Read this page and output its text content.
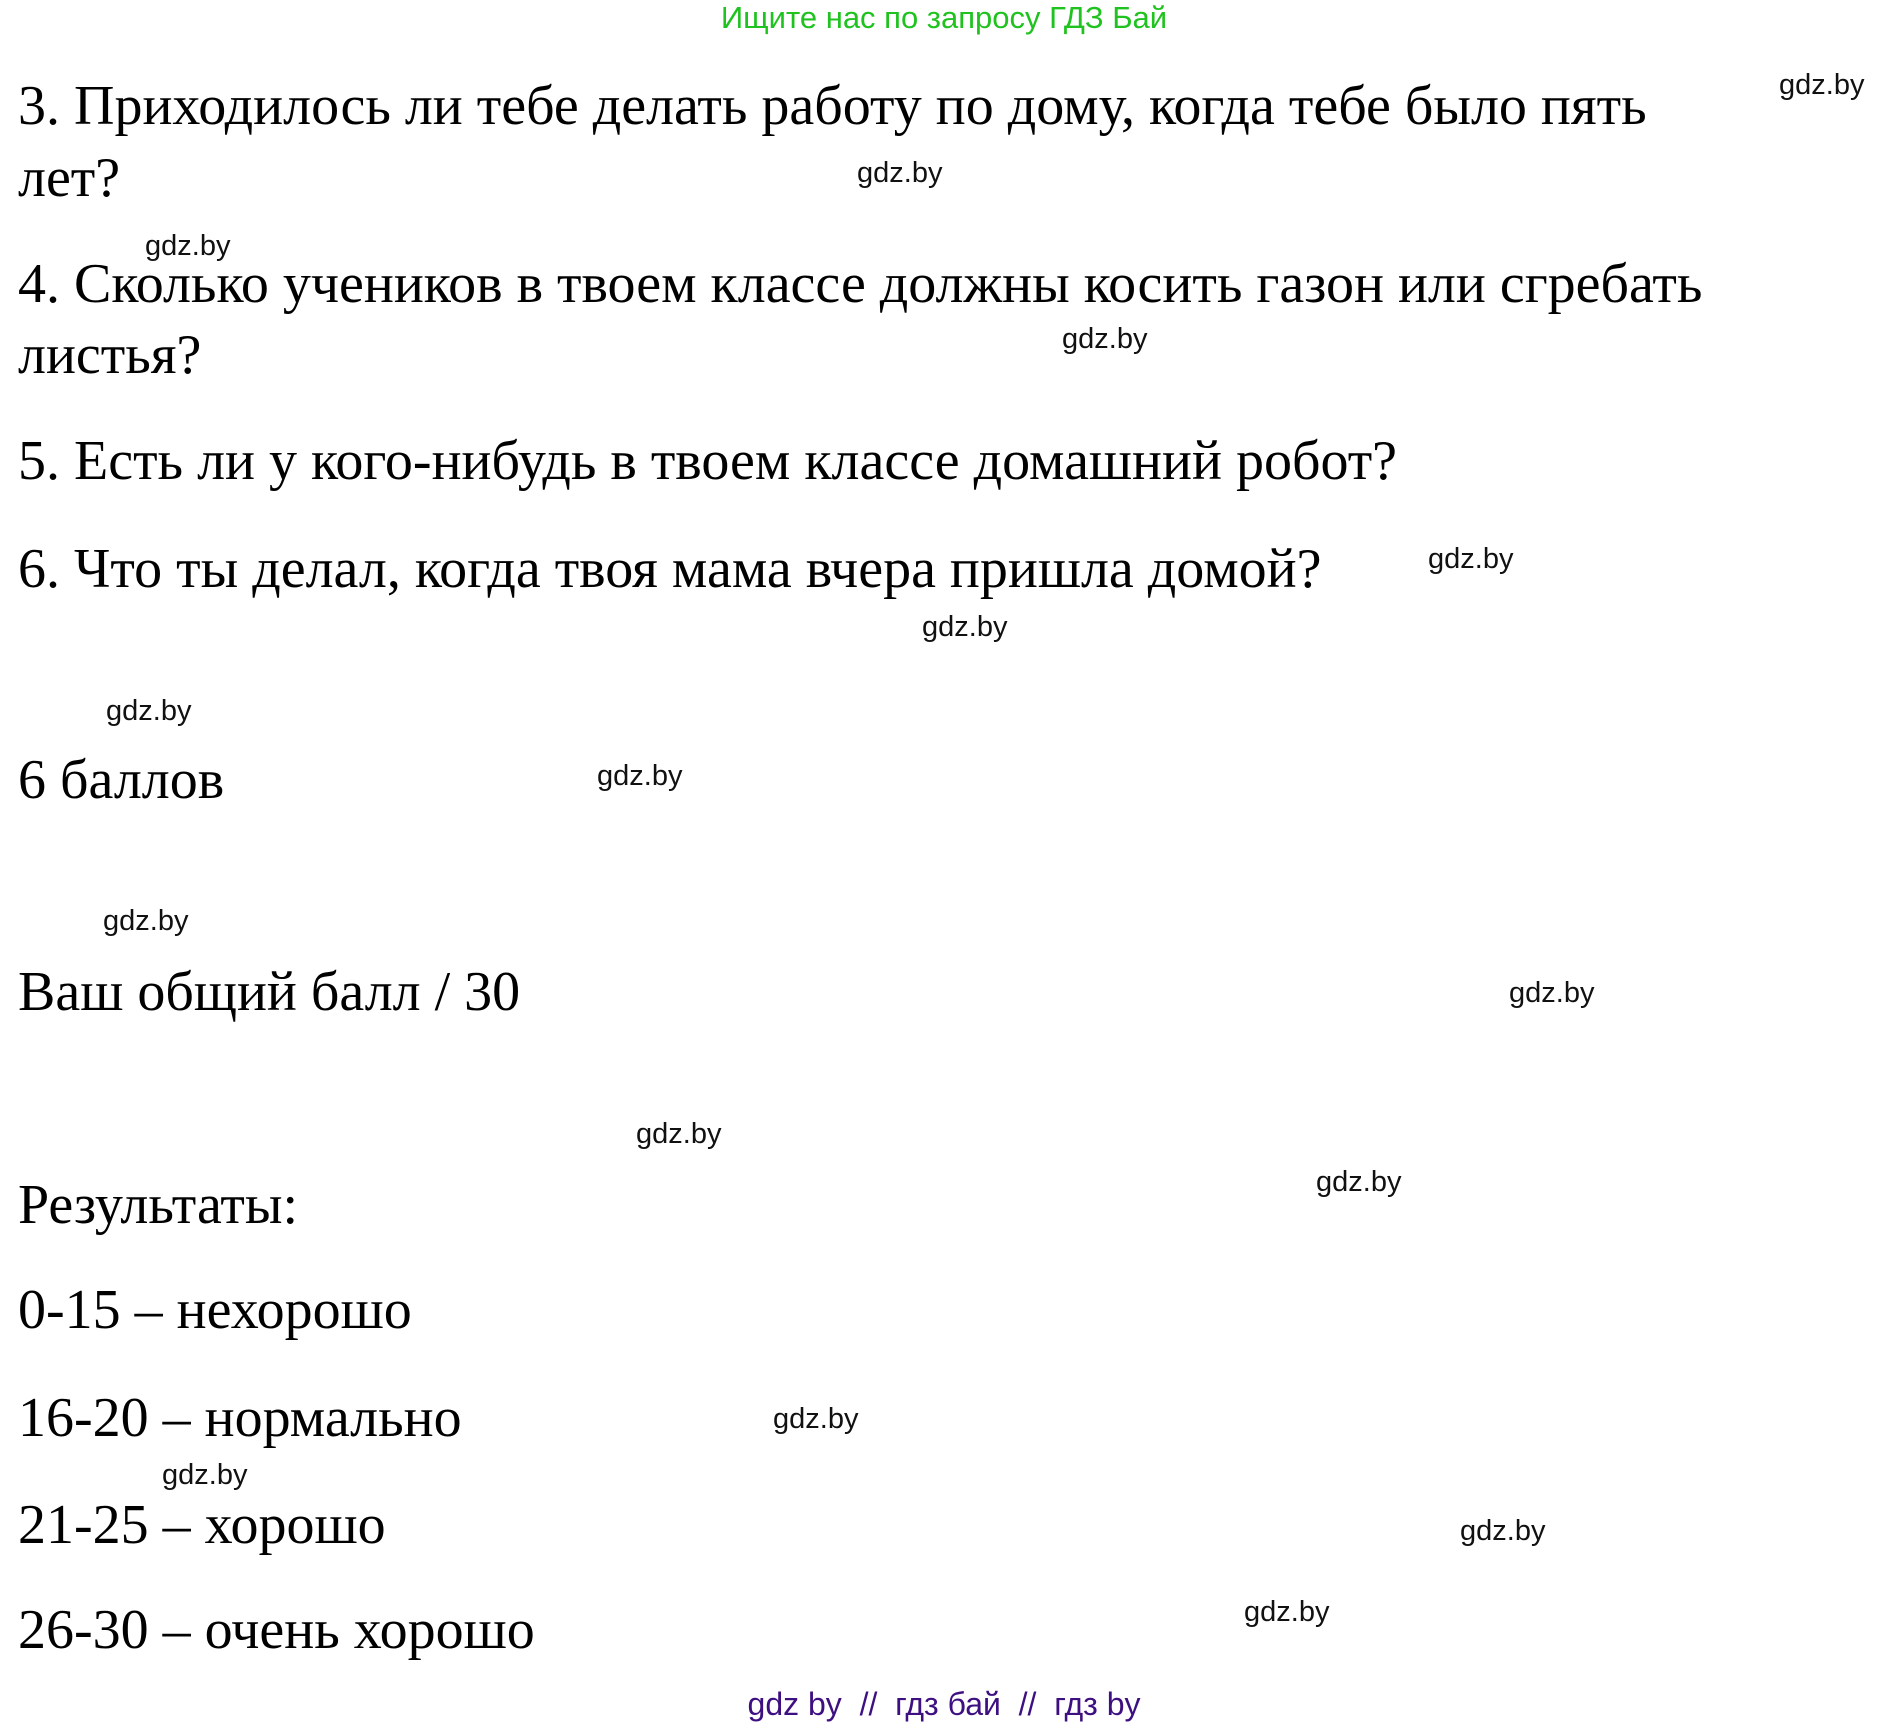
Ищите нас по запросу ГДЗ Бай
3. Приходилось ли тебе делать работу по дому, когда тебе было пять
лет?
4. Сколько учеников в твоем классе должны косить газон или сгребать
листья?
5. Есть ли у кого-нибудь в твоем классе домашний робот?
6. Что ты делал, когда твоя мама вчера пришла домой?
6 баллов
Ваш общий балл / 30
Результаты:
0-15 – нехорошо
16-20 – нормально
21-25 – хорошо
26-30 – очень хорошо
gdz.by
gdz.by
gdz.by
gdz.by
gdz.by
gdz.by
gdz.by
gdz.by
gdz.by
gdz.by
gdz.by
gdz.by
gdz.by
gdz.by
gdz.by
gdz.by
gdz by  //  гдз бай  //  гдз by
